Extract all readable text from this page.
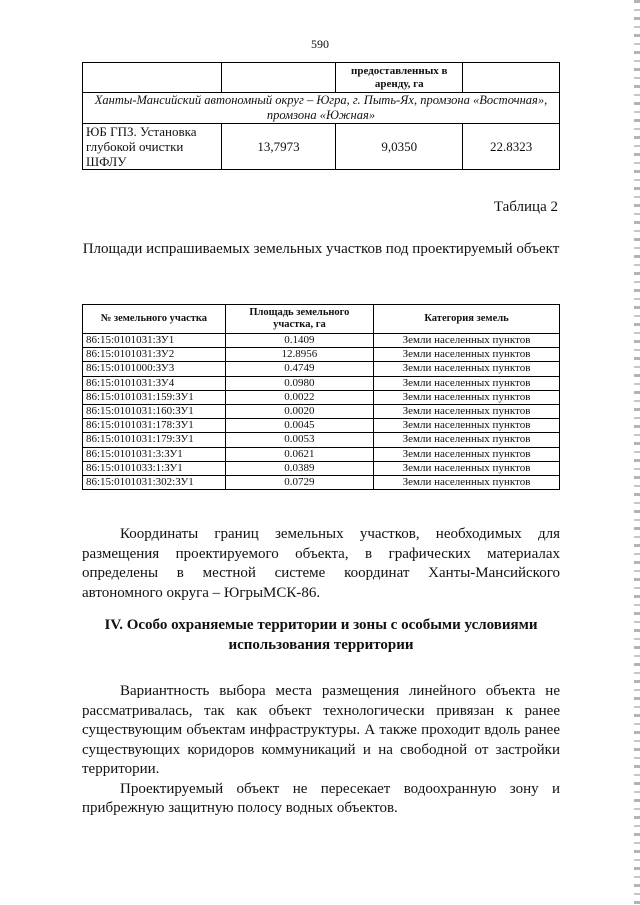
590
		предоставленных в аренду, га	
Ханты-Мансийский автономный округ – Югра, г. Пыть-Ях, промзона «Восточная», промзона «Южная»			
ЮБ ГПЗ. Установка глубокой очистки ШФЛУ	13,7973	9,0350	22.8323
Таблица 2
Площади испрашиваемых земельных участков под проектируемый объект
№ земельного участка	Площадь земельного участка, га	Категория земель
86:15:0101031:ЗУ1	0.1409	Земли населенных пунктов
86:15:0101031:ЗУ2	12.8956	Земли населенных пунктов
86:15:0101000:ЗУ3	0.4749	Земли населенных пунктов
86:15:0101031:ЗУ4	0.0980	Земли населенных пунктов
86:15:0101031:159:ЗУ1	0.0022	Земли населенных пунктов
86:15:0101031:160:ЗУ1	0.0020	Земли населенных пунктов
86:15:0101031:178:ЗУ1	0.0045	Земли населенных пунктов
86:15:0101031:179:ЗУ1	0.0053	Земли населенных пунктов
86:15:0101031:3:ЗУ1	0.0621	Земли населенных пунктов
86:15:0101033:1:ЗУ1	0.0389	Земли населенных пунктов
86:15:0101031:302:ЗУ1	0.0729	Земли населенных пунктов

Координаты границ земельных участков, необходимых для размещения проектируемого объекта, в графических материалах определены в местной системе координат Ханты-Мансийского автономного округа – ЮгрыМСК-86.

IV. Особо охраняемые территории и зоны с особыми условиями использования территории

Вариантность выбора места размещения линейного объекта не рассматривалась, так как объект технологически привязан к ранее существующим объектам инфраструктуры. А также проходит вдоль ранее существующих коридоров коммуникаций и на свободной от застройки территории.

Проектируемый объект не пересекает водоохранную зону и прибрежную защитную полосу водных объектов.
